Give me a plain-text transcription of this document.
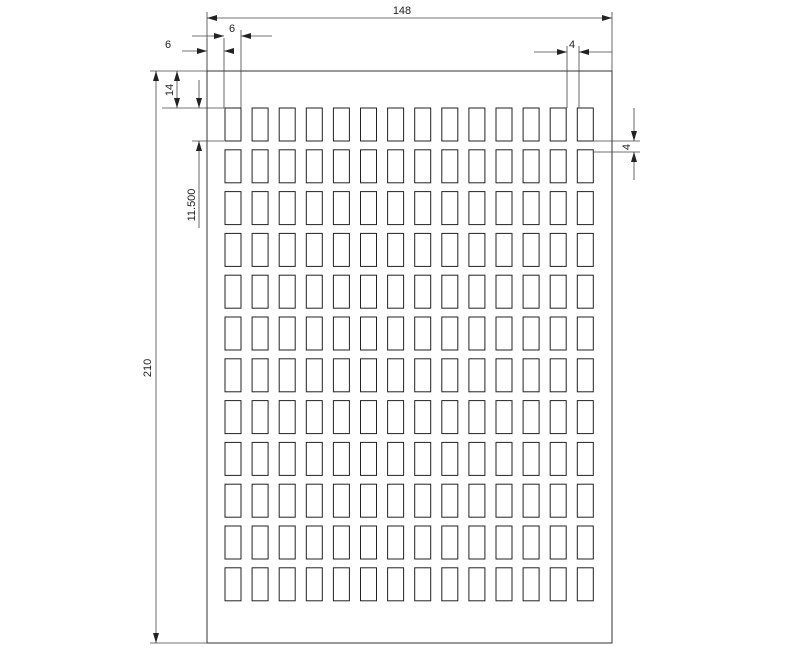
148
210
6
6
4
14
11.500
4
